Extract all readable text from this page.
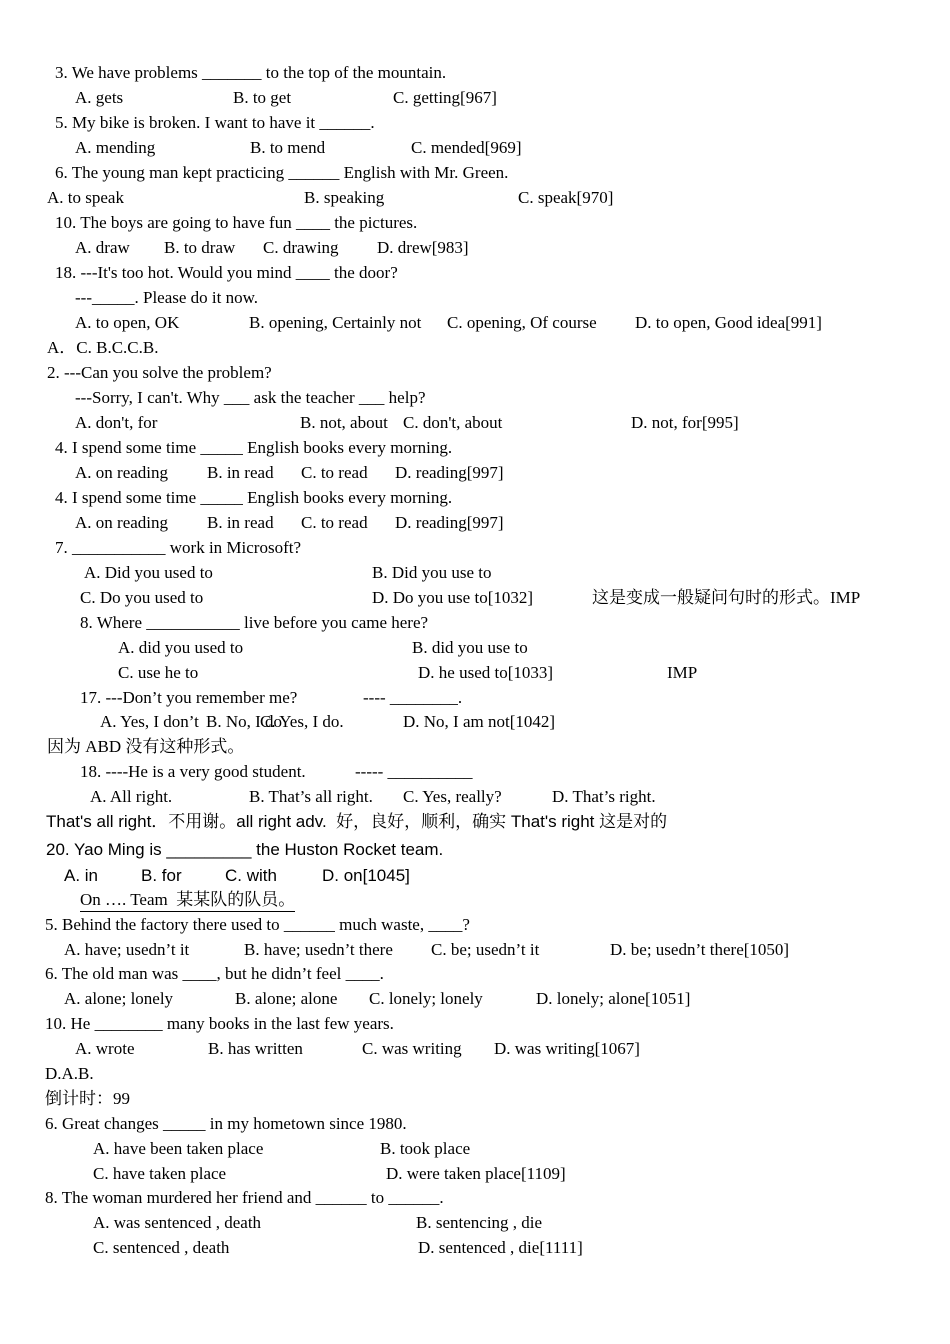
3. We have problems _______ to the top of the mountain.
A. gets	B. to get	C. getting[967]
5. My bike is broken. I want to have it ______.
A. mending	B. to mend	C. mended[969]
6. The young man kept practicing ______ English with Mr. Green.
A. to speak	B. speaking	C. speak[970]
10. The boys are going to have fun ____ the pictures.
A. draw B. to draw C. drawing D. drew[983]
18. ---It's too hot. Would you mind ____ the door?
---_____. Please do it now.
A. to open, OK	B. opening, Certainly not C. opening, Of course D. to open, Good idea[991]
A．C. B.C.C.B.
2. ---Can you solve the problem?
---Sorry, I can't. Why ___ ask the teacher ___ help?
A. don't, for	B. not, about C. don't, about	D. not, for[995]
4. I spend some time _____ English books every morning.
A. on reading B. in read C. to read D. reading[997]
4. I spend some time _____ English books every morning.
A. on reading B. in read C. to read D. reading[997]
7. ___________ work in Microsoft?
A. Did you used to	B. Did you use to
C. Do you used to	D. Do you use to[1032]	这是变成一般疑问句时的形式。IMP
8. Where ___________ live before you came here?
A. did you used to	B. did you use to
C. use he to	D. he used to[1033]	IMP
17. ---Don’t you remember me?	---- ________.
A. Yes, I don’t B. No, I do
C. Yes, I do.	D. No, I am not[1042]
因为 ABD 没有这种形式。
18. ----He is a very good student.	----- __________
A. All right.	B. That’s all right. C. Yes, really?	D. That’s right.
That's all right．不用谢。all right adv.  好，良好，顺利，确实 That's right 这是对的
20. Yao Ming is _________ the Huston Rocket team.
A. in	B. for	C. with	D. on[1045]
On …. Team  某某队的队员。
5. Behind the factory there used to ______ much waste, ____?
A. have; usedn’t it	B. have; usedn’t there C. be; usedn’t it	D. be; usedn’t there[1050]
6. The old man was ____, but he didn’t feel ____.
A. alone; lonely	B. alone; alone C. lonely; lonely	D. lonely; alone[1051]
10. He ________ many books in the last few years.
A. wrote	B. has written	C. was writing D. was writing[1067]
D.A.B.
倒计时：99
6. Great changes _____ in my hometown since 1980.
A. have been taken place	B. took place
C. have taken place	D. were taken place[1109]
8. The woman murdered her friend and ______ to ______.
A. was sentenced , death	B. sentencing , die
C. sentenced , death	D. sentenced , die[1111]
